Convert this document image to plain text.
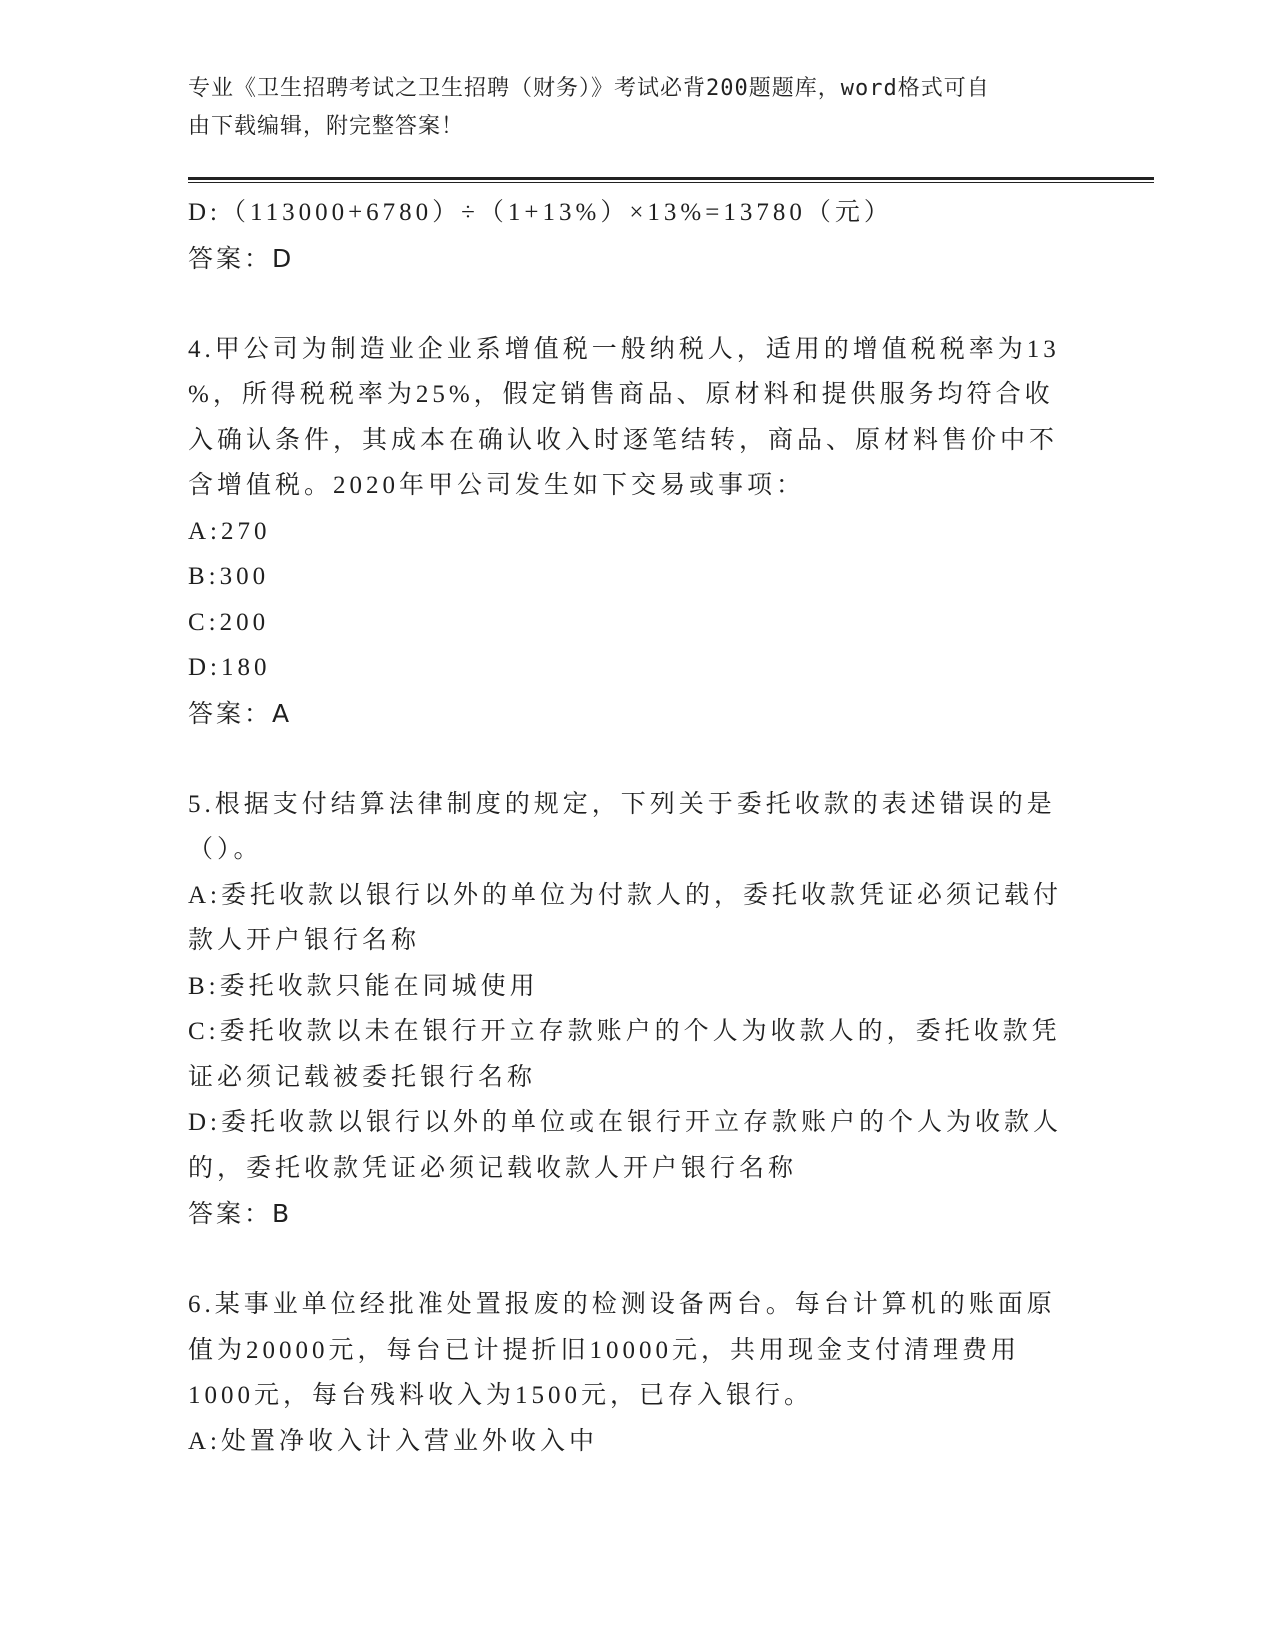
专业《卫生招聘考试之卫生招聘（财务）》考试必背200题题库，word格式可自
由下载编辑，附完整答案！
D:（113000+6780）÷（1+13%）×13%=13780（元）
答案：D
4.甲公司为制造业企业系增值税一般纳税人，适用的增值税税率为13
%，所得税税率为25%，假定销售商品、原材料和提供服务均符合收
入确认条件，其成本在确认收入时逐笔结转，商品、原材料售价中不
含增值税。2020年甲公司发生如下交易或事项：
A:270
B:300
C:200
D:180
答案：A
5.根据支付结算法律制度的规定，下列关于委托收款的表述错误的是
（）。
A:委托收款以银行以外的单位为付款人的，委托收款凭证必须记载付
款人开户银行名称
B:委托收款只能在同城使用
C:委托收款以未在银行开立存款账户的个人为收款人的，委托收款凭
证必须记载被委托银行名称
D:委托收款以银行以外的单位或在银行开立存款账户的个人为收款人
的，委托收款凭证必须记载收款人开户银行名称
答案：B
6.某事业单位经批准处置报废的检测设备两台。每台计算机的账面原
值为20000元，每台已计提折旧10000元，共用现金支付清理费用
1000元，每台残料收入为1500元，已存入银行。
A:处置净收入计入营业外收入中
